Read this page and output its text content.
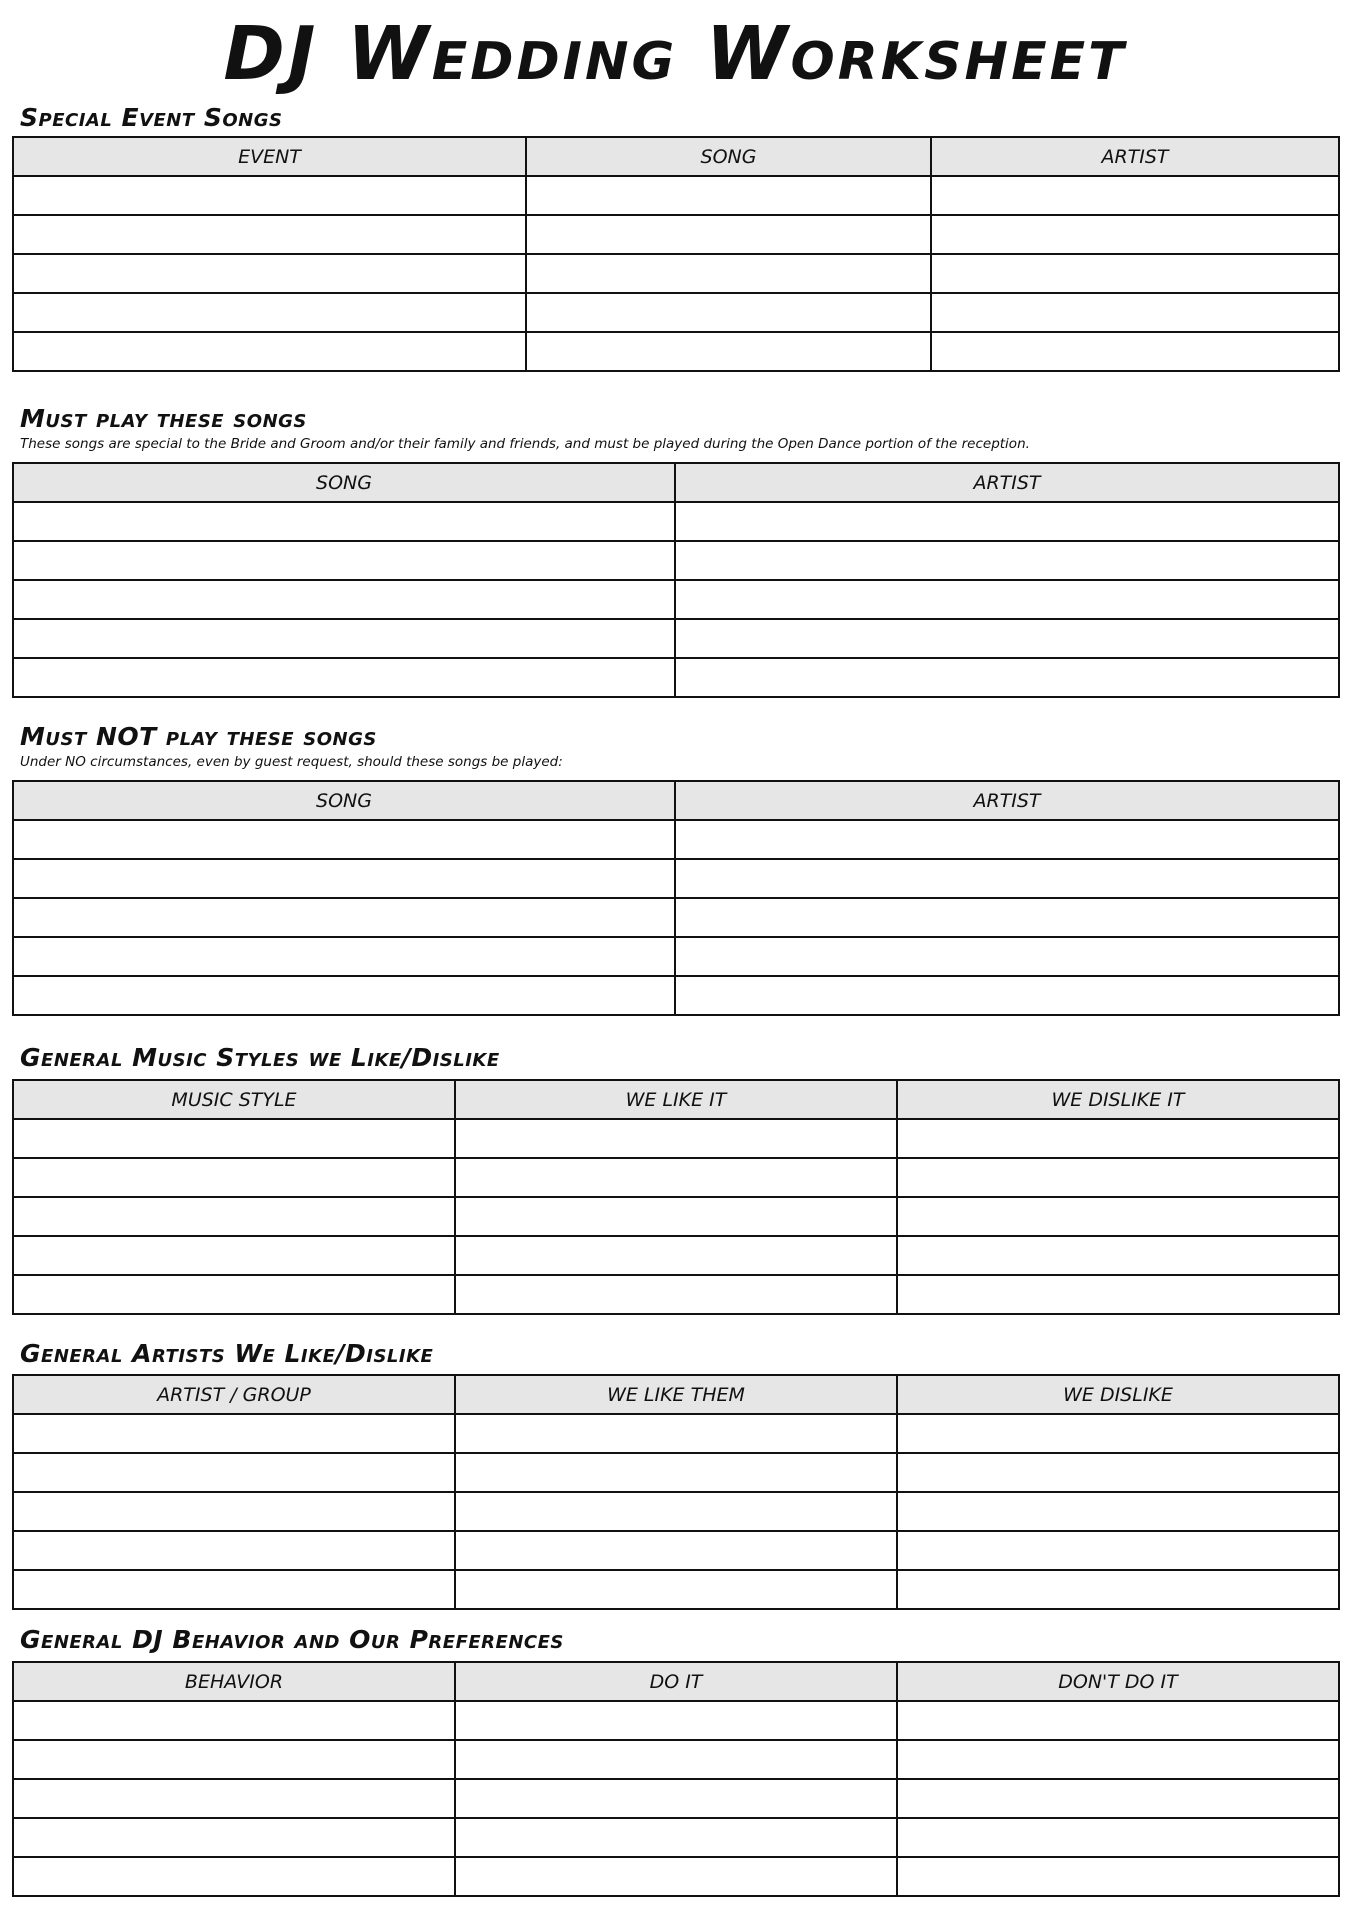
DJ Wedding Worksheet
Special Event Songs
EVENT	SONG	ARTIST

Must play these songs
These songs are special to the Bride and Groom and/or their family and friends, and must be played during the Open Dance portion of the reception.
SONG	ARTIST

Must NOT play these songs
Under NO circumstances, even by guest request, should these songs be played:
SONG	ARTIST

General Music Styles we Like/Dislike
MUSIC STYLE	WE LIKE IT	WE DISLIKE IT

General Artists We Like/Dislike
ARTIST / GROUP	WE LIKE THEM	WE DISLIKE

General DJ Behavior and Our Preferences
BEHAVIOR	DO IT	DON'T DO IT
